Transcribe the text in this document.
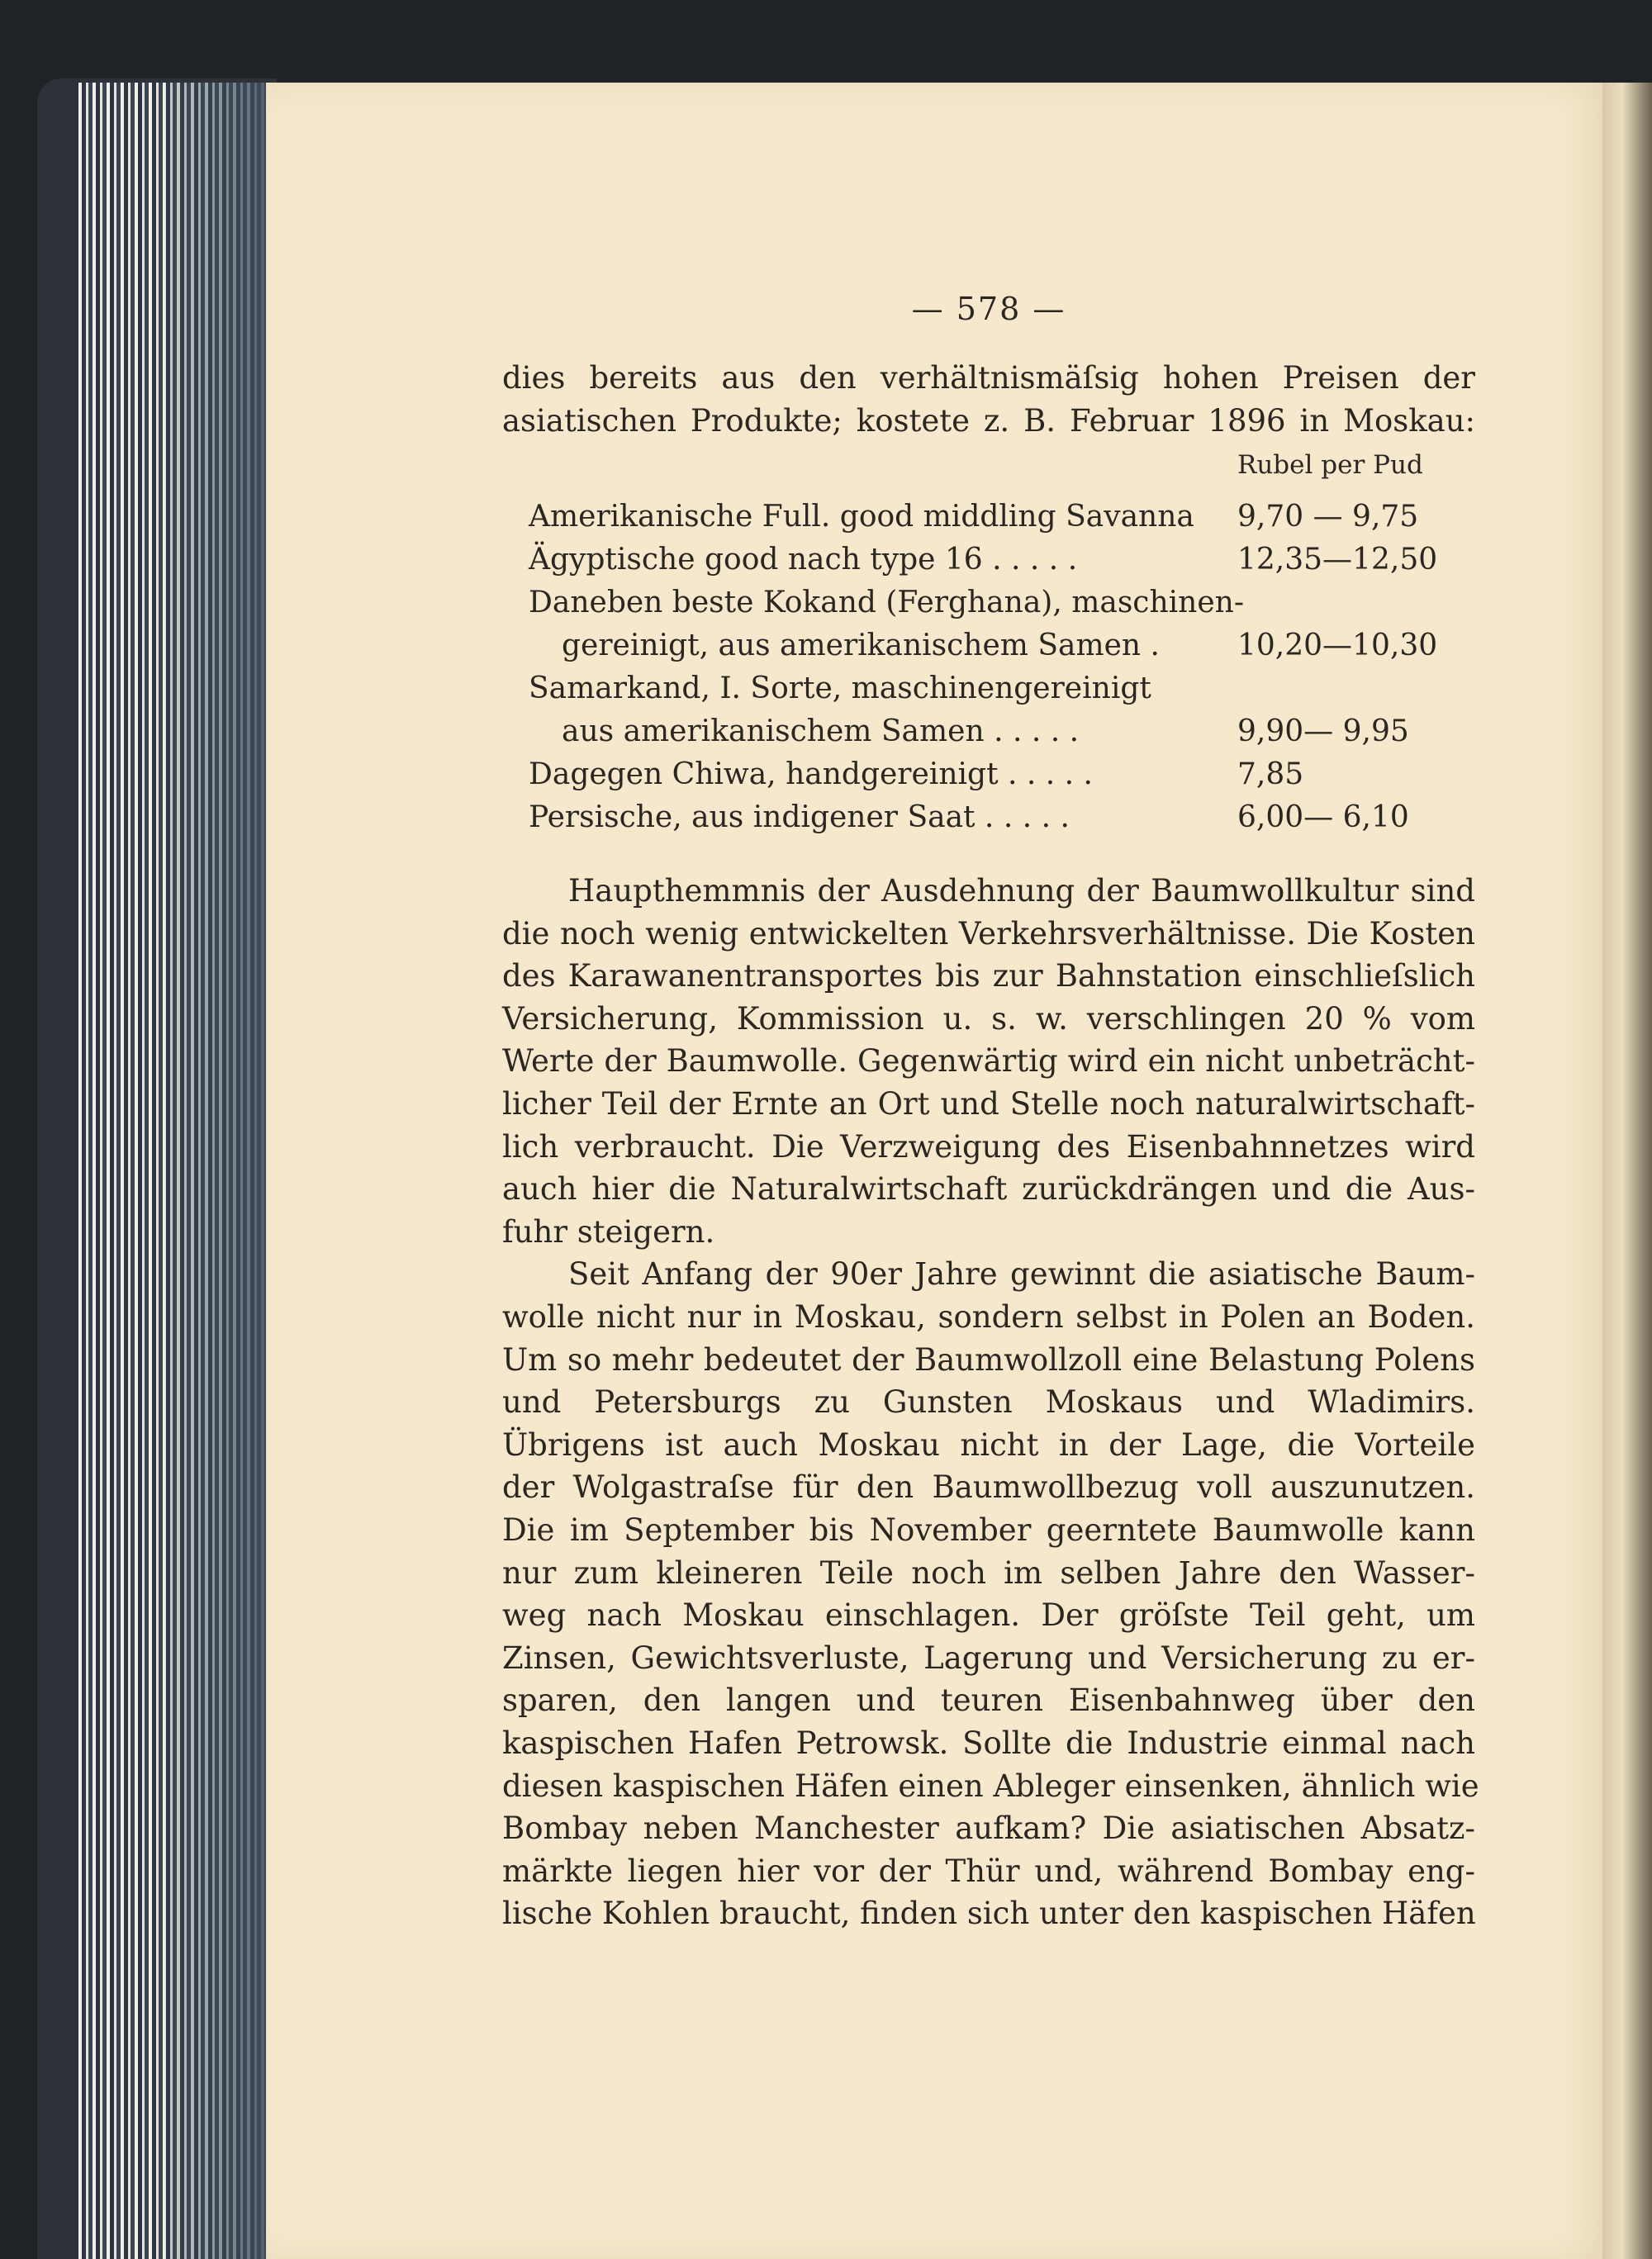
— 578 —
dies bereits aus den verhältnismäſsig hohen Preisen der
asiatischen Produkte; kostete z. B. Februar 1896 in Moskau:
Rubel per Pud
Amerikanische Full. good middling Savanna 9,70 — 9,75
Ägyptische good nach type 16 . . . . .	12,35—12,50
Daneben beste Kokand (Ferghana), maschinen-
gereinigt, aus amerikanischem Samen .	10,20—10,30
Samarkand, I. Sorte, maschinengereinigt
aus amerikanischem Samen . . . . .	9,90— 9,95
Dagegen Chiwa, handgereinigt . . . . .	7,85
Persische, aus indigener Saat . . . . .	6,00— 6,10
Haupthemmnis der Ausdehnung der Baumwollkultur sind
die noch wenig entwickelten Verkehrsverhältnisse. Die Kosten
des Karawanentransportes bis zur Bahnstation einschlieſslich
Versicherung, Kommission u. s. w. verschlingen 20 % vom
Werte der Baumwolle. Gegenwärtig wird ein nicht unbeträcht-
licher Teil der Ernte an Ort und Stelle noch naturalwirtschaft-
lich verbraucht. Die Verzweigung des Eisenbahnnetzes wird
auch hier die Naturalwirtschaft zurückdrängen und die Aus-
fuhr steigern.
Seit Anfang der 90er Jahre gewinnt die asiatische Baum-
wolle nicht nur in Moskau, sondern selbst in Polen an Boden.
Um so mehr bedeutet der Baumwollzoll eine Belastung Polens
und Petersburgs zu Gunsten Moskaus und Wladimirs.
Übrigens ist auch Moskau nicht in der Lage, die Vorteile
der Wolgastraſse für den Baumwollbezug voll auszunutzen.
Die im September bis November geerntete Baumwolle kann
nur zum kleineren Teile noch im selben Jahre den Wasser-
weg nach Moskau einschlagen. Der gröſste Teil geht, um
Zinsen, Gewichtsverluste, Lagerung und Versicherung zu er-
sparen, den langen und teuren Eisenbahnweg über den
kaspischen Hafen Petrowsk. Sollte die Industrie einmal nach
diesen kaspischen Häfen einen Ableger einsenken, ähnlich wie
Bombay neben Manchester aufkam? Die asiatischen Absatz-
märkte liegen hier vor der Thür und, während Bombay eng-
lische Kohlen braucht, finden sich unter den kaspischen Häfen
